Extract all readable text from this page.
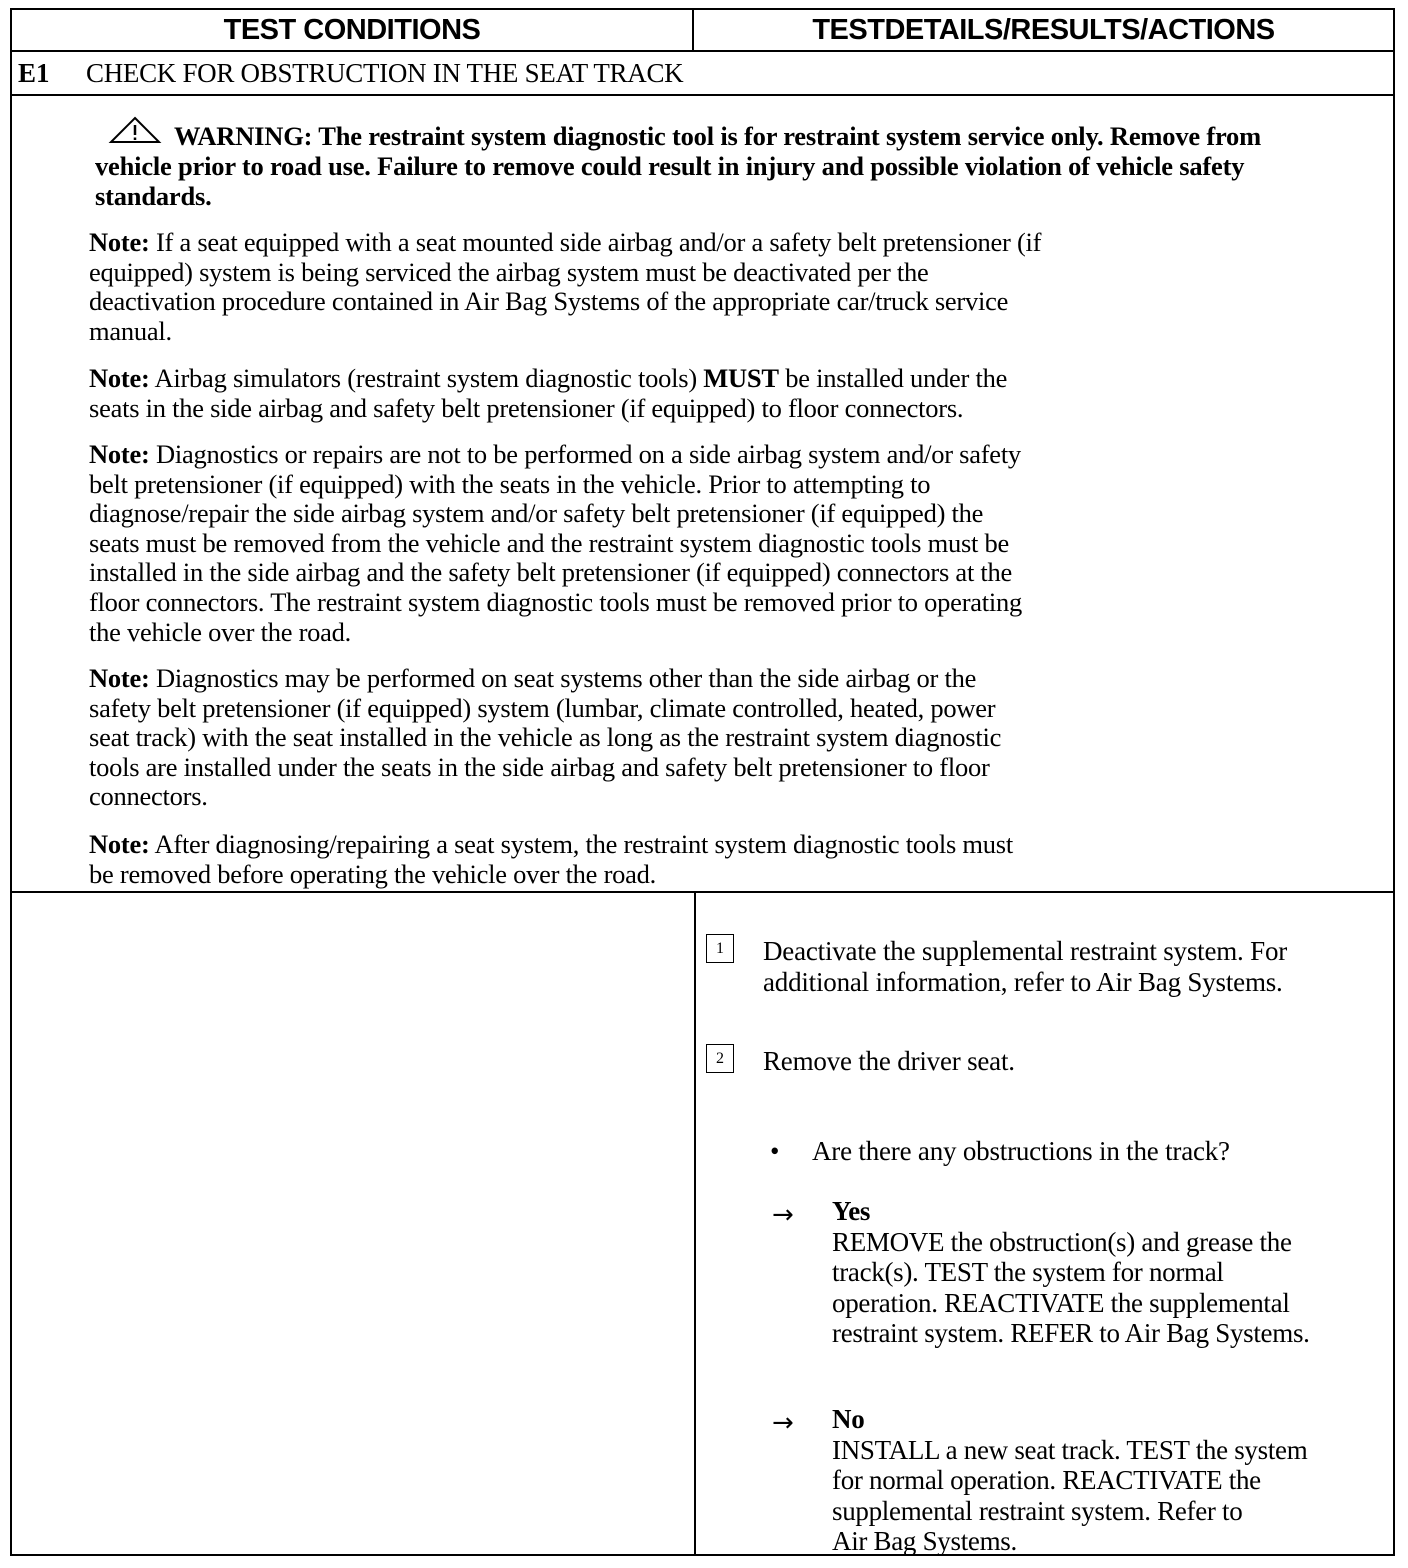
TEST CONDITIONS	TESTDETAILS/RESULTS/ACTIONS
E1	CHECK FOR OBSTRUCTION IN THE SEAT TRACK
WARNING: The restraint system diagnostic tool is for restraint system service only. Remove from vehicle prior to road use. Failure to remove could result in injury and possible violation of vehicle safety standards.
Note: If a seat equipped with a seat mounted side airbag and/or a safety belt pretensioner (if
equipped) system is being serviced the airbag system must be deactivated per the
deactivation procedure contained in Air Bag Systems of the appropriate car/truck service
manual.
Note: Airbag simulators (restraint system diagnostic tools) MUST be installed under the
seats in the side airbag and safety belt pretensioner (if equipped) to floor connectors.
Note: Diagnostics or repairs are not to be performed on a side airbag system and/or safety
belt pretensioner (if equipped) with the seats in the vehicle. Prior to attempting to
diagnose/repair the side airbag system and/or safety belt pretensioner (if equipped) the
seats must be removed from the vehicle and the restraint system diagnostic tools must be
installed in the side airbag and the safety belt pretensioner (if equipped) connectors at the
floor connectors. The restraint system diagnostic tools must be removed prior to operating
the vehicle over the road.
Note: Diagnostics may be performed on seat systems other than the side airbag or the
safety belt pretensioner (if equipped) system (lumbar, climate controlled, heated, power
seat track) with the seat installed in the vehicle as long as the restraint system diagnostic
tools are installed under the seats in the side airbag and safety belt pretensioner to floor
connectors.
Note: After diagnosing/repairing a seat system, the restraint system diagnostic tools must
be removed before operating the vehicle over the road.
1	Deactivate the supplemental restraint system. For
additional information, refer to Air Bag Systems.
2	Remove the driver seat.
• Are there any obstructions in the track?
→ Yes
REMOVE the obstruction(s) and grease the
track(s). TEST the system for normal
operation. REACTIVATE the supplemental
restraint system. REFER to Air Bag Systems.
→ No
INSTALL a new seat track. TEST the system
for normal operation. REACTIVATE the
supplemental restraint system. Refer to
Air Bag Systems.
